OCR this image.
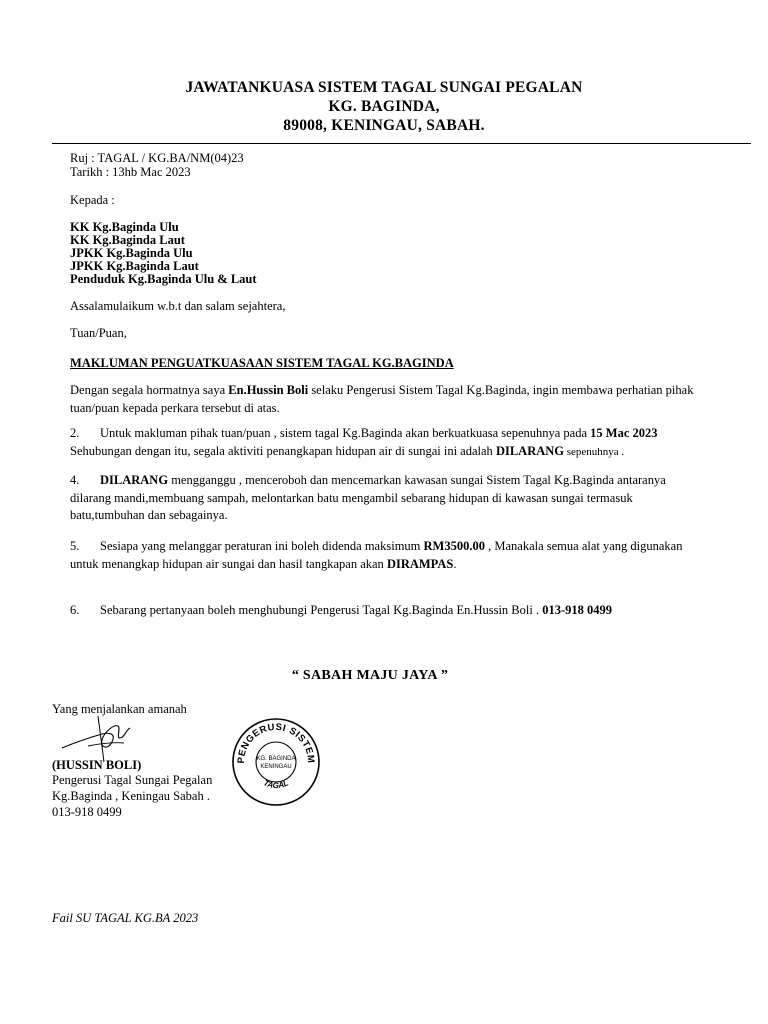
JAWATANKUASA SISTEM TAGAL SUNGAI PEGALAN
KG. BAGINDA,
89008, KENINGAU, SABAH.
Ruj : TAGAL / KG.BA/NM(04)23
Tarikh : 13hb Mac 2023
Kepada :
KK Kg.Baginda Ulu
KK Kg.Baginda Laut
JPKK Kg.Baginda Ulu
JPKK Kg.Baginda Laut
Penduduk Kg.Baginda Ulu & Laut
Assalamulaikum w.b.t dan salam sejahtera,
Tuan/Puan,
MAKLUMAN PENGUATKUASAAN SISTEM TAGAL KG.BAGINDA
Dengan segala hormatnya saya En.Hussin Boli selaku Pengerusi Sistem Tagal Kg.Baginda, ingin membawa perhatian pihak
tuan/puan kepada perkara tersebut di atas.
2. Untuk makluman pihak tuan/puan , sistem tagal Kg.Baginda akan berkuatkuasa sepenuhnya pada 15 Mac 2023
Sehubungan dengan itu, segala aktiviti penangkapan hidupan air di sungai ini adalah DILARANG sepenuhnya .
4. DILARANG mengganggu , menceroboh dan mencemarkan kawasan sungai Sistem Tagal Kg.Baginda antaranya
dilarang mandi,membuang sampah, melontarkan batu mengambil sebarang hidupan di kawasan sungai termasuk
batu,tumbuhan dan sebagainya.
5. Sesiapa yang melanggar peraturan ini boleh didenda maksimum RM3500.00 , Manakala semua alat yang digunakan
untuk menangkap hidupan air sungai dan hasil tangkapan akan DIRAMPAS.
6. Sebarang pertanyaan boleh menghubungi Pengerusi Tagal Kg.Baginda En.Hussin Boli . 013-918 0499
“ SABAH MAJU JAYA ”
Yang menjalankan amanah
(HUSSIN BOLI)
Pengerusi Tagal Sungai Pegalan
Kg.Baginda , Keningau Sabah .
013-918 0499
PENGERUSI SISTEM
KG. BAGINDA
KENINGAU
TAGAL
Fail SU TAGAL KG.BA 2023
